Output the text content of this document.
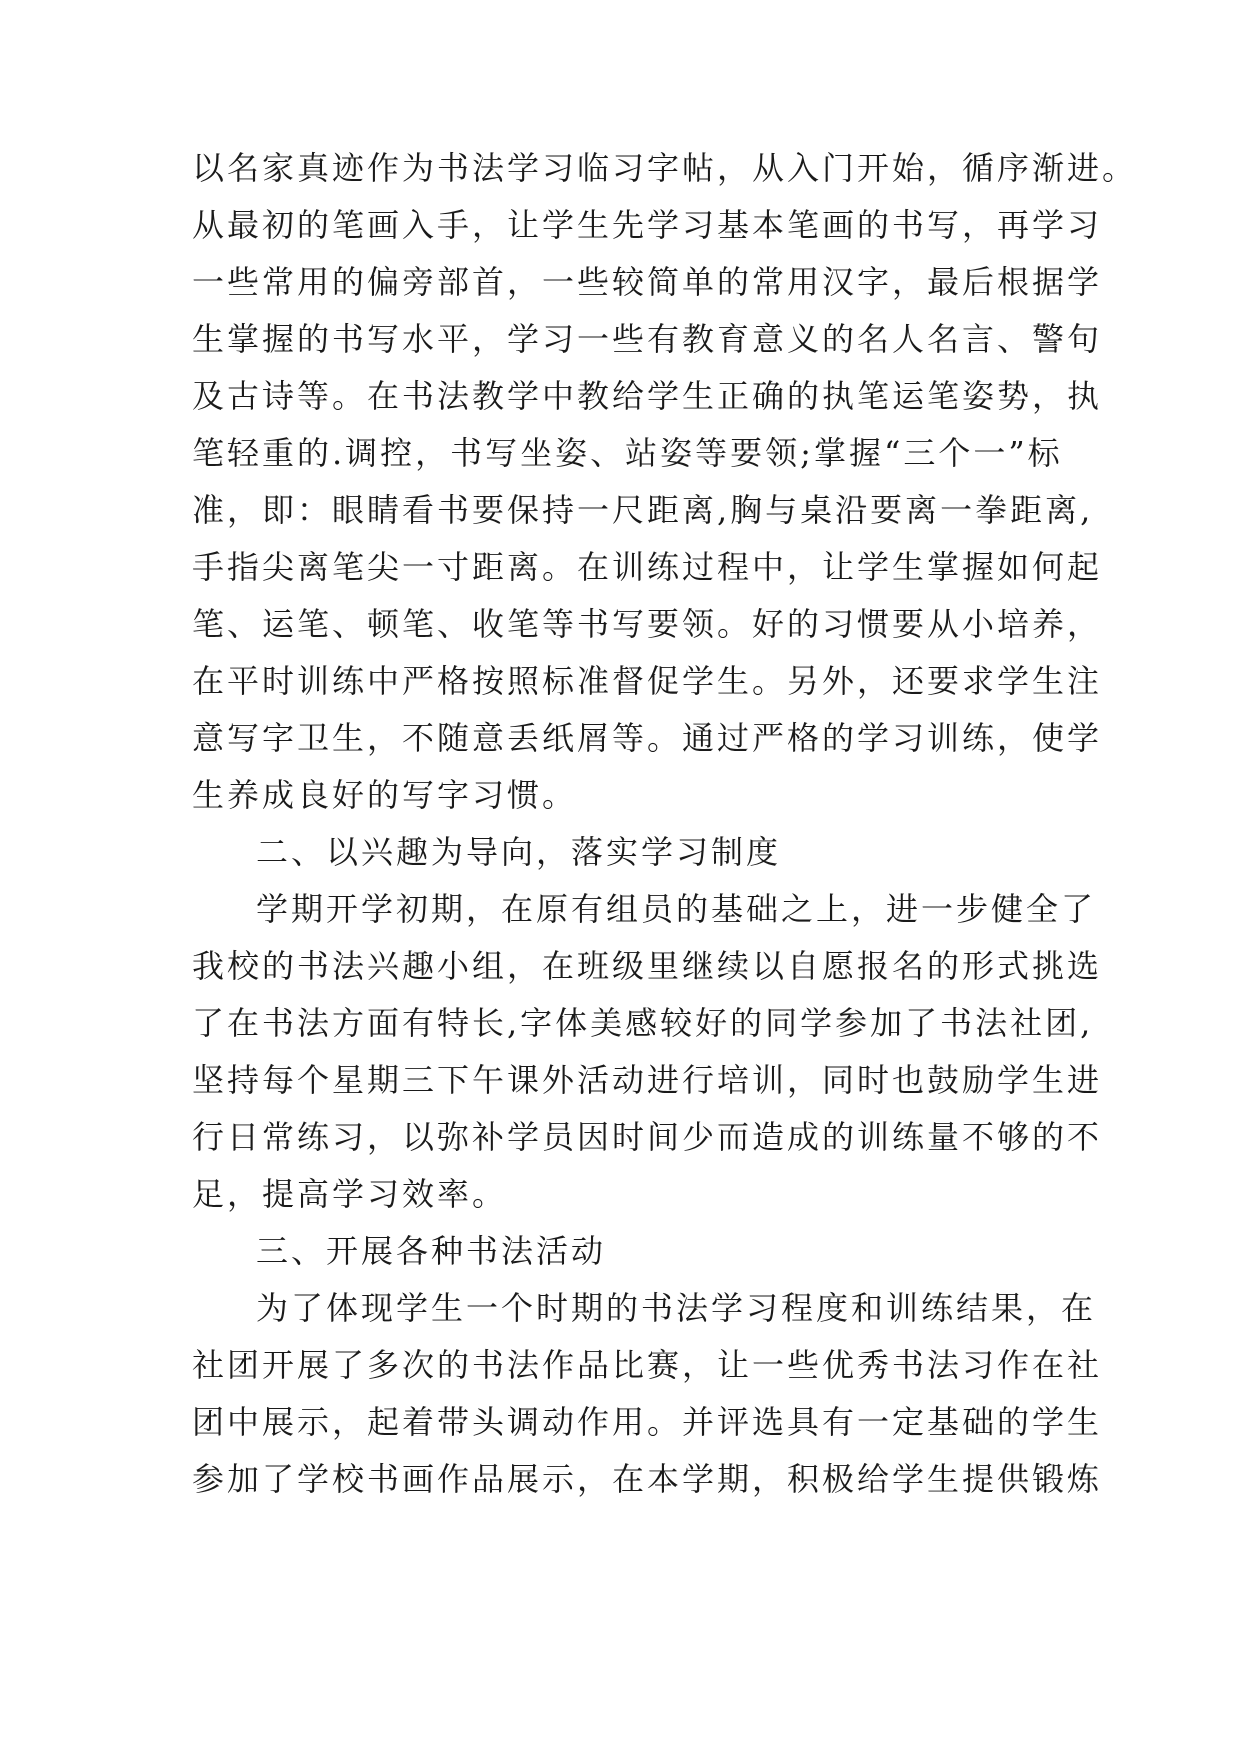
以名家真迹作为书法学习临习字帖，从入门开始，循序渐进。
从最初的笔画入手，让学生先学习基本笔画的书写，再学习
一些常用的偏旁部首，一些较简单的常用汉字，最后根据学
生掌握的书写水平，学习一些有教育意义的名人名言、警句
及古诗等。在书法教学中教给学生正确的执笔运笔姿势，执
笔轻重的.调控，书写坐姿、站姿等要领;掌握“三个一”标
准，即：眼睛看书要保持一尺距离,胸与桌沿要离一拳距离,
手指尖离笔尖一寸距离。在训练过程中，让学生掌握如何起
笔、运笔、顿笔、收笔等书写要领。好的习惯要从小培养，
在平时训练中严格按照标准督促学生。另外，还要求学生注
意写字卫生，不随意丢纸屑等。通过严格的学习训练，使学
生养成良好的写字习惯。
二、以兴趣为导向，落实学习制度
学期开学初期，在原有组员的基础之上，进一步健全了
我校的书法兴趣小组，在班级里继续以自愿报名的形式挑选
了在书法方面有特长,字体美感较好的同学参加了书法社团,
坚持每个星期三下午课外活动进行培训，同时也鼓励学生进
行日常练习，以弥补学员因时间少而造成的训练量不够的不
足，提高学习效率。
三、开展各种书法活动
为了体现学生一个时期的书法学习程度和训练结果，在
社团开展了多次的书法作品比赛，让一些优秀书法习作在社
团中展示，起着带头调动作用。并评选具有一定基础的学生
参加了学校书画作品展示，在本学期，积极给学生提供锻炼
